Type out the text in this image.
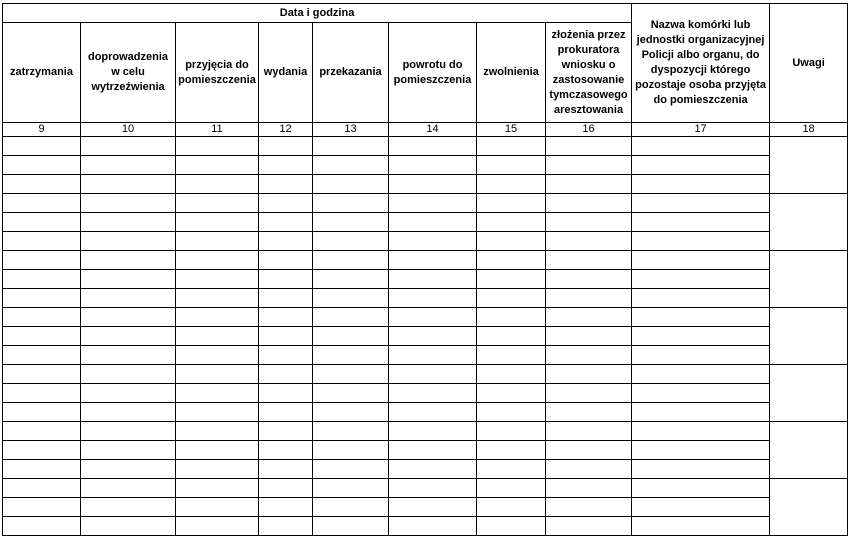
Data i godzina								Nazwa komórki lub jednostki organizacyjnej Policji albo organu, do dyspozycji którego pozostaje osoba przyjęta do pomieszczenia	Uwagi
zatrzymania	doprowadzenia w celu wytrzeźwienia	przyjęcia do pomieszczenia	wydania	przekazania	powrotu do pomieszczenia	zwolnienia	złożenia przez prokuratora wniosku o zastosowanie tymczasowego aresztowania		
9	10	11	12	13	14	15	16	17	18
